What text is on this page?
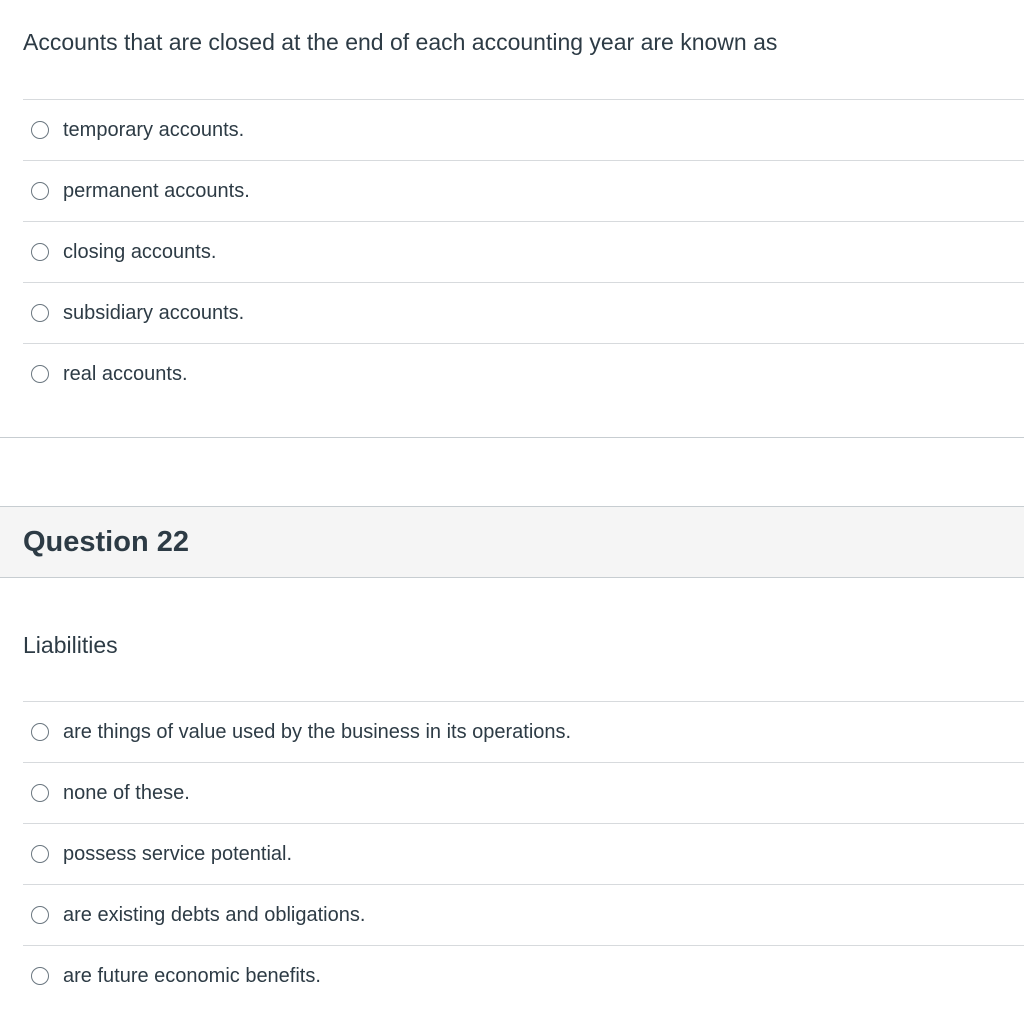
Accounts that are closed at the end of each accounting year are known as
temporary accounts.
permanent accounts.
closing accounts.
subsidiary accounts.
real accounts.
Question 22
Liabilities
are things of value used by the business in its operations.
none of these.
possess service potential.
are existing debts and obligations.
are future economic benefits.
